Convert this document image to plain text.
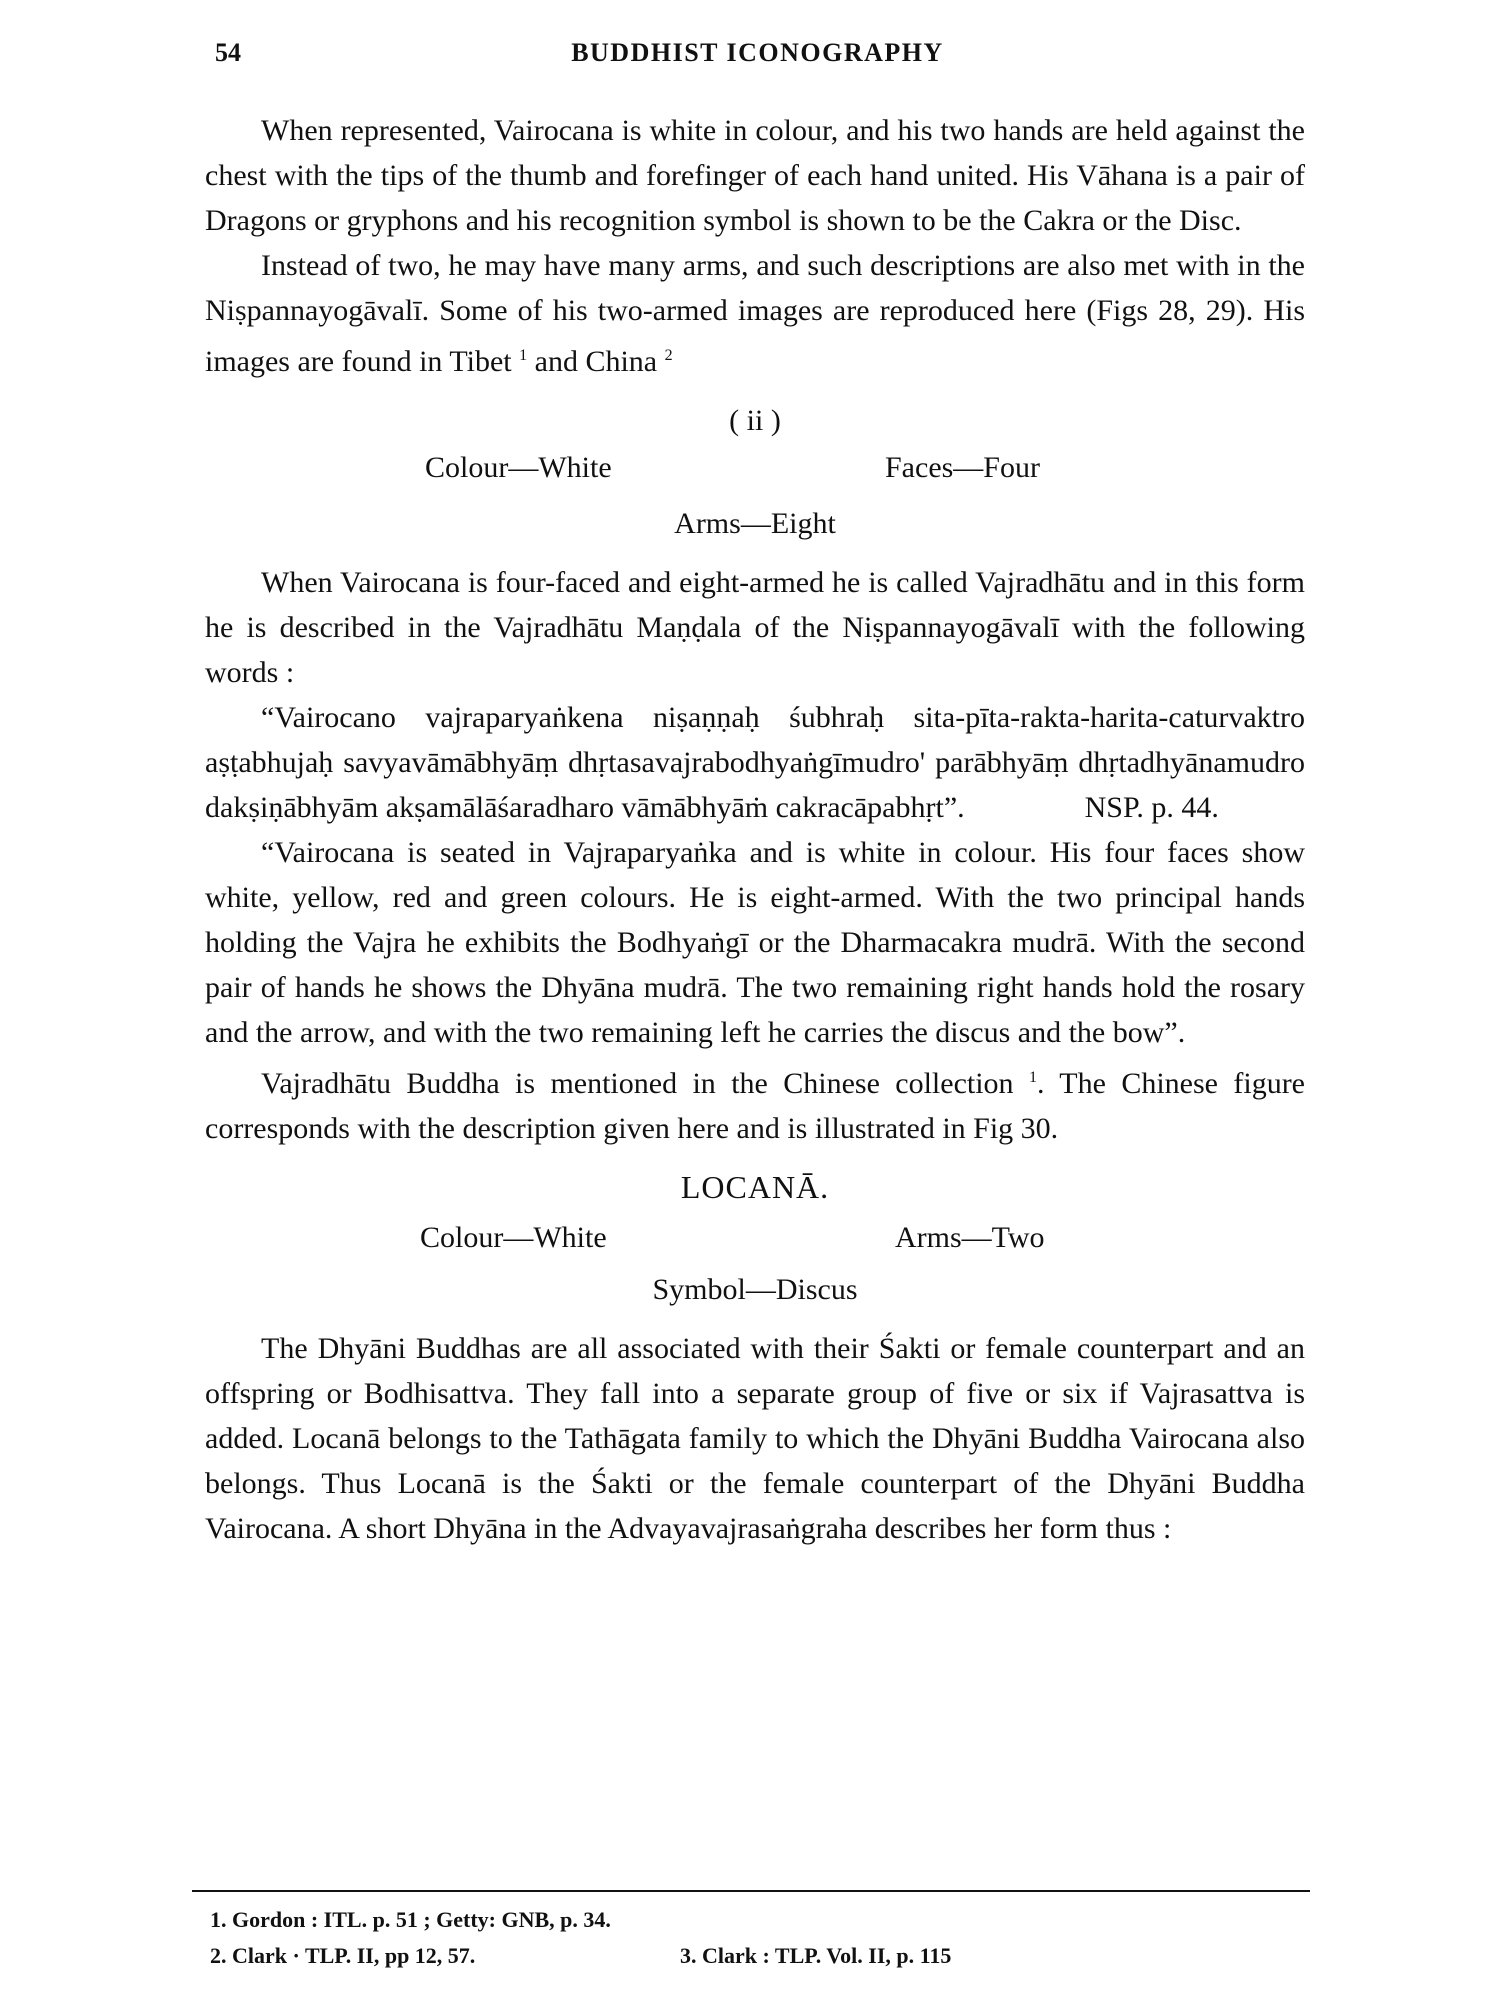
54	BUDDHIST ICONOGRAPHY

When represented, Vairocana is white in colour, and his two hands are held against the chest with the tips of the thumb and forefinger of each hand united. His Vāhana is a pair of Dragons or gryphons and his recognition symbol is shown to be the Cakra or the Disc.

Instead of two, he may have many arms, and such descriptions are also met with in the Niṣpannayogāvalī. Some of his two-armed images are reproduced here (Figs 28, 29). His images are found in Tibet $^1$ and China $^2$

( ii )
Colour—White	Faces—Four
Arms—Eight

When Vairocana is four-faced and eight-armed he is called Vajradhātu and in this form he is described in the Vajradhātu Maṇḍala of the Niṣpannayogāvalī with the following words :

“Vairocano vajraparyaṅkena niṣaṇṇaḥ śubhraḥ sita-pīta-rakta-harita-caturvaktro aṣṭabhujaḥ savyavāmābhyāṃ dhṛtasavajrabodhyaṅgīmudro' parābhyāṃ dhṛtadhyānamudro dakṣiṇābhyām akṣamālāśaradharo vāmābhyāṁ cakracāpabhṛt”.	NSP. p. 44.

“Vairocana is seated in Vajraparyaṅka and is white in colour. His four faces show white, yellow, red and green colours. He is eight-armed. With the two principal hands holding the Vajra he exhibits the Bodhyaṅgī or the Dharmacakra mudrā. With the second pair of hands he shows the Dhyāna mudrā. The two remaining right hands hold the rosary and the arrow, and with the two remaining left he carries the discus and the bow”.

Vajradhātu Buddha is mentioned in the Chinese collection $^1$. The Chinese figure corresponds with the description given here and is illustrated in Fig 30.

LOCANĀ.
Colour—White	Arms—Two
Symbol—Discus

The Dhyāni Buddhas are all associated with their Śakti or female counterpart and an offspring or Bodhisattva. They fall into a separate group of five or six if Vajrasattva is added. Locanā belongs to the Tathāgata family to which the Dhyāni Buddha Vairocana also belongs. Thus Locanā is the Śakti or the female counterpart of the Dhyāni Buddha Vairocana. A short Dhyāna in the Advayavajrasaṅgraha describes her form thus :

1. Gordon : ITL. p. 51 ; Getty: GNB, p. 34.
2. Clark · TLP. II, pp 12, 57.	3. Clark : TLP. Vol. II, p. 115
